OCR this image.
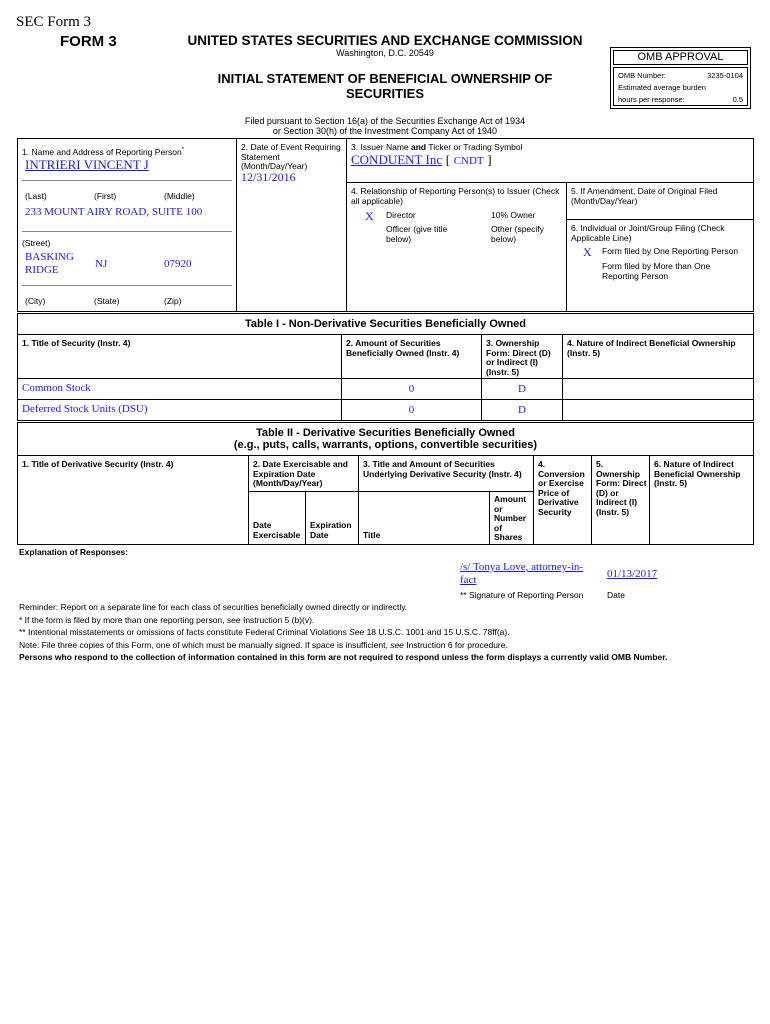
SEC Form 3
FORM 3	UNITED STATES SECURITIES AND EXCHANGE COMMISSION
Washington, D.C. 20549
INITIAL STATEMENT OF BENEFICIAL OWNERSHIP OF
SECURITIES
Filed pursuant to Section 16(a) of the Securities Exchange Act of 1934
or Section 30(h) of the Investment Company Act of 1940
OMB APPROVAL
OMB Number:	3235-0104
Estimated average burden
hours per response:	0.5
1. Name and Address of Reporting Person*
INTRIERI VINCENT J
(Last)	(First)	(Middle)
233 MOUNT AIRY ROAD, SUITE 100
(Street)
BASKING RIDGE	NJ	07920
(City)	(State)	(Zip)
2. Date of Event Requiring Statement (Month/Day/Year)
12/31/2016
3. Issuer Name and Ticker or Trading Symbol
CONDUENT Inc [ CNDT ]
4. Relationship of Reporting Person(s) to Issuer (Check all applicable)
X Director	10% Owner
Officer (give title below)
Other (specify below)
5. If Amendment, Date of Original Filed (Month/Day/Year)
6. Individual or Joint/Group Filing (Check Applicable Line)
X Form filed by One Reporting Person
Form filed by More than One Reporting Person
Table I - Non-Derivative Securities Beneficially Owned
1. Title of Security (Instr. 4)	2. Amount of Securities Beneficially Owned (Instr. 4)
3. Ownership Form: Direct (D) or Indirect (I) (Instr. 5)
4. Nature of Indirect Beneficial Ownership (Instr. 5)
Common Stock	0	D
Deferred Stock Units (DSU)	0	D
Table II - Derivative Securities Beneficially Owned
(e.g., puts, calls, warrants, options, convertible securities)
1. Title of Derivative Security (Instr. 4)	2. Date Exercisable and Expiration Date (Month/Day/Year)
3. Title and Amount of Securities Underlying Derivative Security (Instr. 4)
4. Conversion or Exercise Price of Derivative Security
5. Ownership Form: Direct (D) or Indirect (I) (Instr. 5)
6. Nature of Indirect Beneficial Ownership (Instr. 5)
Date Exercisable
Expiration Date	Title
Amount or Number of Shares
Explanation of Responses:
/s/ Tonya Love, attorney-in-fact	01/13/2017
** Signature of Reporting Person	Date
Reminder: Report on a separate line for each class of securities beneficially owned directly or indirectly.
* If the form is filed by more than one reporting person, see Instruction 5 (b)(v).
** Intentional misstatements or omissions of facts constitute Federal Criminal Violations See 18 U.S.C. 1001 and 15 U.S.C. 78ff(a).
Note: File three copies of this Form, one of which must be manually signed. If space is insufficient, see Instruction 6 for procedure.
Persons who respond to the collection of information contained in this form are not required to respond unless the form displays a currently valid OMB Number.
